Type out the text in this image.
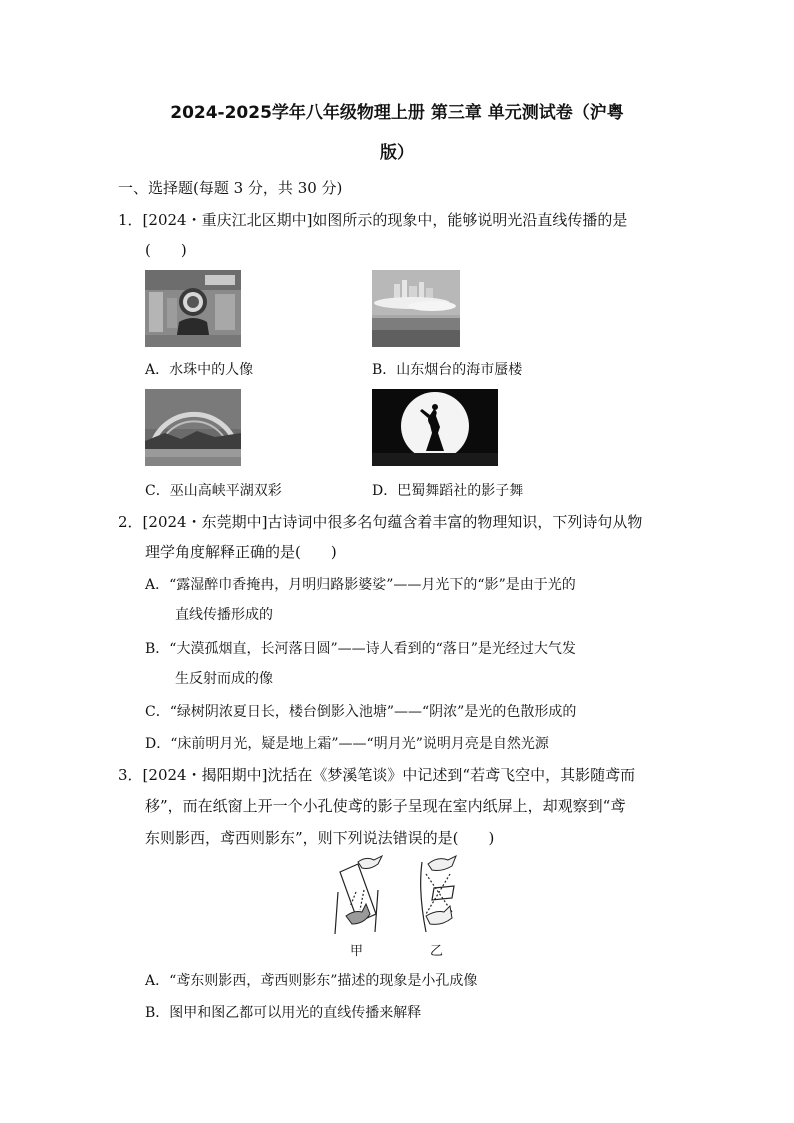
2024-2025学年八年级物理上册 第三章 单元测试卷（沪粤
版）
一、选择题(每题 3 分，共 30 分)
1．[2024・重庆江北区期中]如图所示的现象中，能够说明光沿直线传播的是
(　　)
A．水珠中的人像	B．山东烟台的海市蜃楼
C．巫山高峡平湖双彩	D．巴蜀舞蹈社的影子舞
2．[2024・东莞期中]古诗词中很多名句蕴含着丰富的物理知识，下列诗句从物
理学角度解释正确的是(　　)
A．“露湿醉巾香掩冉，月明归路影婆娑”——月光下的“影”是由于光的
直线传播形成的
B．“大漠孤烟直，长河落日圆”——诗人看到的“落日”是光经过大气发
生反射而成的像
C．“绿树阴浓夏日长，楼台倒影入池塘”——“阴浓”是光的色散形成的
D．“床前明月光，疑是地上霜”——“明月光”说明月亮是自然光源
3．[2024・揭阳期中]沈括在《梦溪笔谈》中记述到“若鸢飞空中，其影随鸢而
移”，而在纸窗上开一个小孔使鸢的影子呈现在室内纸屏上，却观察到“鸢
东则影西，鸢西则影东”，则下列说法错误的是(　　)
甲	乙
A．“鸢东则影西，鸢西则影东”描述的现象是小孔成像
B．图甲和图乙都可以用光的直线传播来解释
